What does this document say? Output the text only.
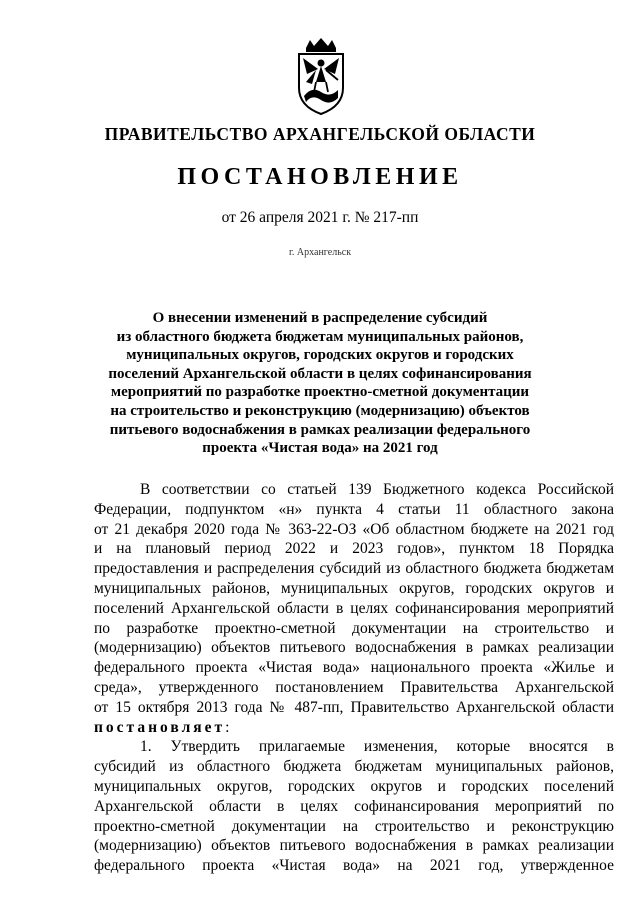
ПРАВИТЕЛЬСТВО АРХАНГЕЛЬСКОЙ ОБЛАСТИ
ПОСТАНОВЛЕНИЕ
от 26 апреля 2021 г. № 217-пп
г. Архангельск
О внесении изменений в распределение субсидий
из областного бюджета бюджетам муниципальных районов,
муниципальных округов, городских округов и городских
поселений Архангельской области в целях софинансирования
мероприятий по разработке проектно-сметной документации
на строительство и реконструкцию (модернизацию) объектов
питьевого водоснабжения в рамках реализации федерального
проекта «Чистая вода» на 2021 год
В соответствии со статьей 139 Бюджетного кодекса Российской
Федерации, подпунктом «н» пункта 4 статьи 11 областного закона
от 21 декабря 2020 года № 363-22-ОЗ «Об областном бюджете на 2021 год
и на плановый период 2022 и 2023 годов», пунктом 18 Порядка
предоставления и распределения субсидий из областного бюджета бюджетам
муниципальных районов, муниципальных округов, городских округов и
поселений Архангельской области в целях софинансирования мероприятий
по разработке проектно-сметной документации на строительство и
(модернизацию) объектов питьевого водоснабжения в рамках реализации
федерального проекта «Чистая вода» национального проекта «Жилье и
среда», утвержденного постановлением Правительства Архангельской
от 15 октября 2013 года № 487-пп, Правительство Архангельской области
постановляет:
1. Утвердить прилагаемые изменения, которые вносятся в
субсидий из областного бюджета бюджетам муниципальных районов,
муниципальных округов, городских округов и городских поселений
Архангельской области в целях софинансирования мероприятий по
проектно-сметной документации на строительство и реконструкцию
(модернизацию) объектов питьевого водоснабжения в рамках реализации
федерального проекта «Чистая вода» на 2021 год, утвержденное
